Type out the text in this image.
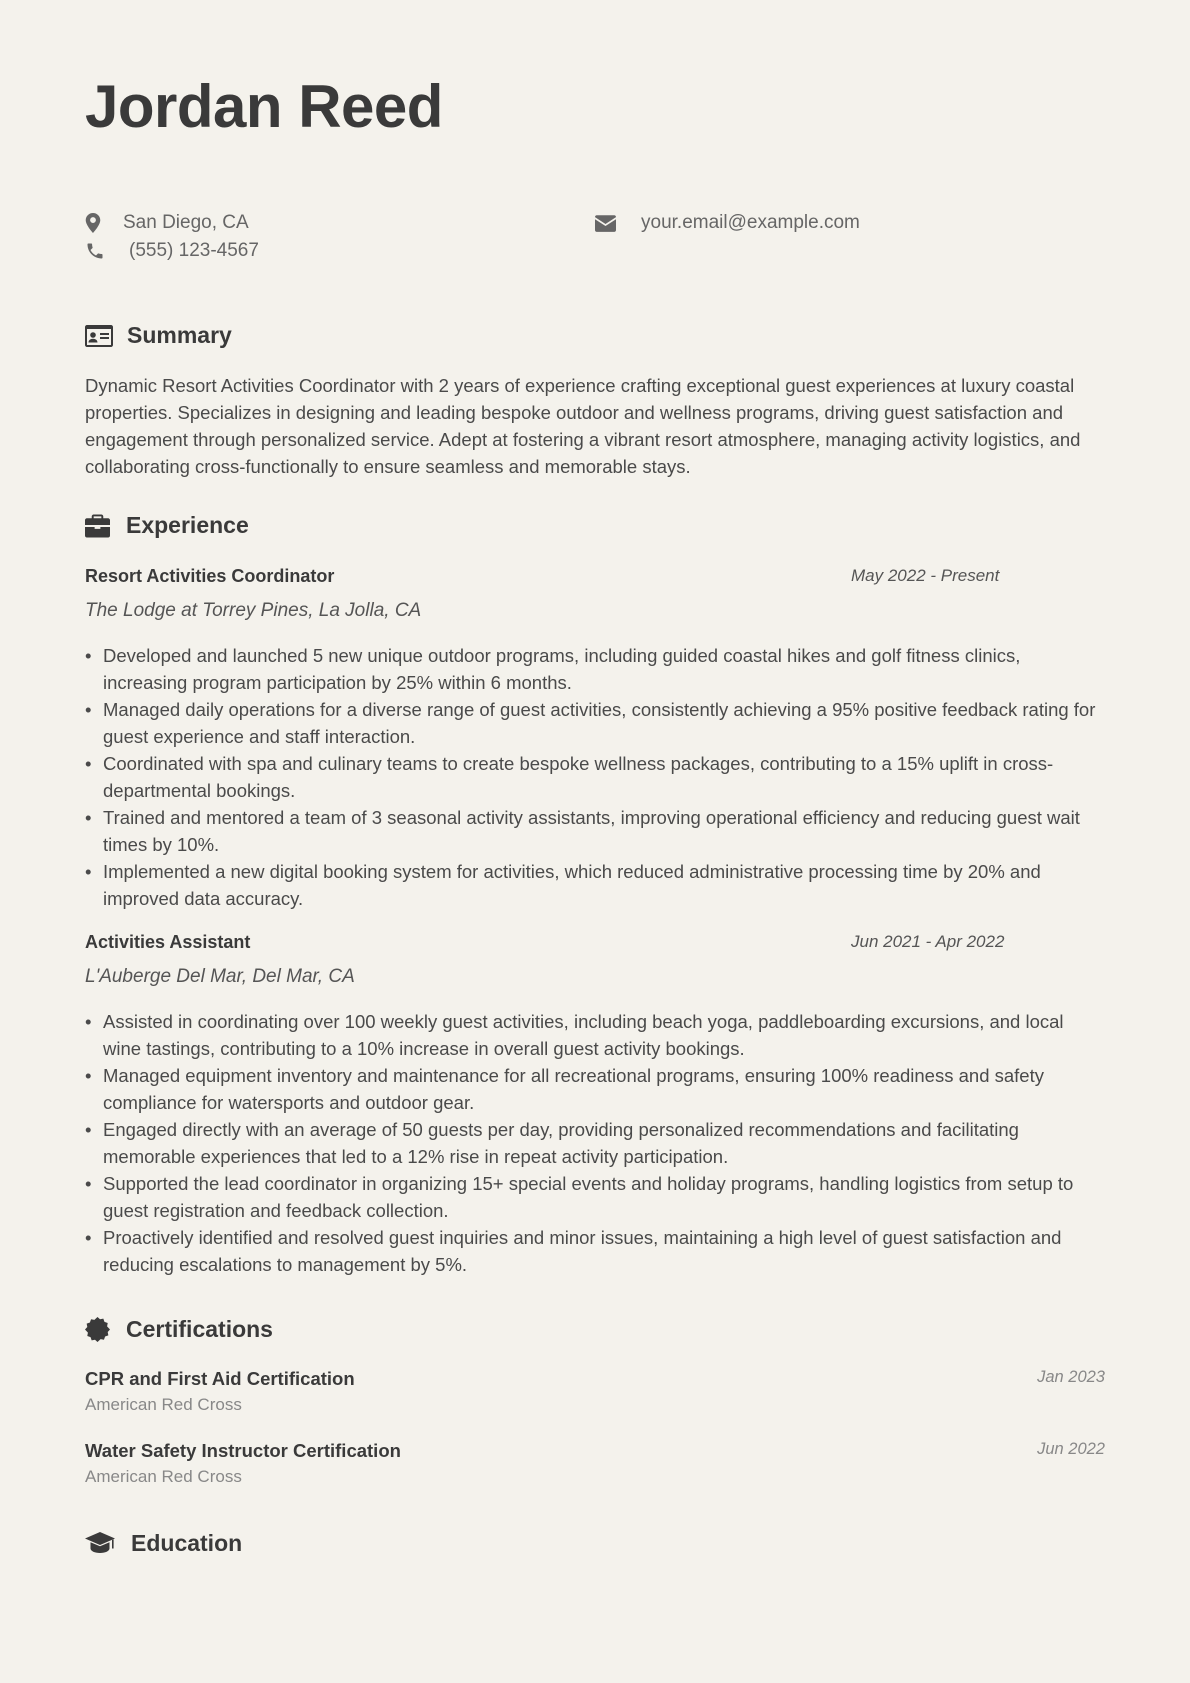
Jordan Reed
San Diego, CA
(555) 123-4567
your.email@example.com
Summary

Dynamic Resort Activities Coordinator with 2 years of experience crafting exceptional guest experiences at luxury coastal properties. Specializes in designing and leading bespoke outdoor and wellness programs, driving guest satisfaction and engagement through personalized service. Adept at fostering a vibrant resort atmosphere, managing activity logistics, and collaborating cross-functionally to ensure seamless and memorable stays.

Experience
Resort Activities Coordinator	May 2022 - Present
The Lodge at Torrey Pines, La Jolla, CA
• Developed and launched 5 new unique outdoor programs, including guided coastal hikes and golf fitness clinics, increasing program participation by 25% within 6 months.
• Managed daily operations for a diverse range of guest activities, consistently achieving a 95% positive feedback rating for guest experience and staff interaction.
• Coordinated with spa and culinary teams to create bespoke wellness packages, contributing to a 15% uplift in cross-departmental bookings.
• Trained and mentored a team of 3 seasonal activity assistants, improving operational efficiency and reducing guest wait times by 10%.
• Implemented a new digital booking system for activities, which reduced administrative processing time by 20% and improved data accuracy.
Activities Assistant	Jun 2021 - Apr 2022
L'Auberge Del Mar, Del Mar, CA
• Assisted in coordinating over 100 weekly guest activities, including beach yoga, paddleboarding excursions, and local wine tastings, contributing to a 10% increase in overall guest activity bookings.
• Managed equipment inventory and maintenance for all recreational programs, ensuring 100% readiness and safety compliance for watersports and outdoor gear.
• Engaged directly with an average of 50 guests per day, providing personalized recommendations and facilitating memorable experiences that led to a 12% rise in repeat activity participation.
• Supported the lead coordinator in organizing 15+ special events and holiday programs, handling logistics from setup to guest registration and feedback collection.
• Proactively identified and resolved guest inquiries and minor issues, maintaining a high level of guest satisfaction and reducing escalations to management by 5%.
Certifications
CPR and First Aid Certification	Jan 2023
American Red Cross
Water Safety Instructor Certification	Jun 2022
American Red Cross
Education
